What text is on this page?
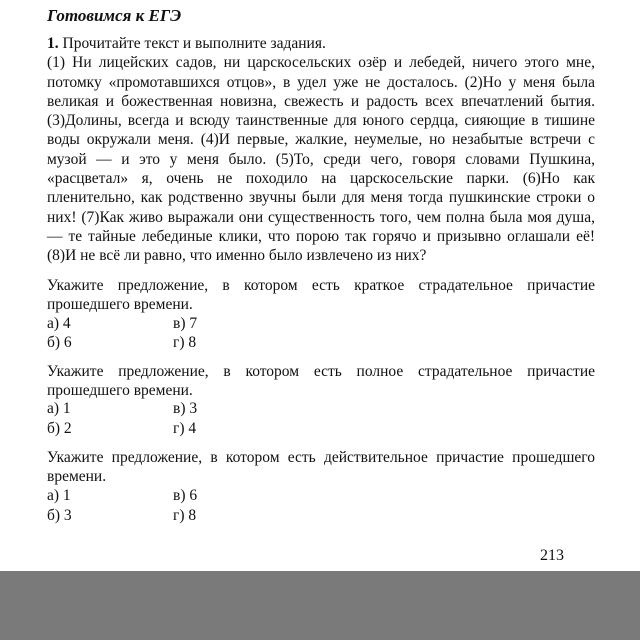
Готовимся к ЕГЭ
1. Прочитайте текст и выполните задания.
(1) Ни лицейских садов, ни царскосельских озёр и лебедей, ничего этого мне, потомку «промотавшихся отцов», в удел уже не досталось. (2)Но у меня была великая и божественная новизна, свежесть и радость всех впечатлений бытия. (3)Долины, всегда и всюду таинственные для юного сердца, сияющие в тишине воды окружали меня. (4)И первые, жалкие, неумелые, но незабытые встречи с музой — и это у меня было. (5)То, среди чего, говоря словами Пушкина, «расцветал» я, очень не походило на царскосельские парки. (6)Но как пленительно, как родственно звучны были для меня тогда пушкинские строки о них! (7)Как живо выражали они существенность того, чем полна была моя душа, — те тайные лебединые клики, что порою так горячо и призывно оглашали её! (8)И не всё ли равно, что именно было извлечено из них?
Укажите предложение, в котором есть краткое страдательное причастие прошедшего времени.
а) 4	в) 7
б) 6	г) 8
Укажите предложение, в котором есть полное страдательное причастие прошедшего времени.
а) 1	в) 3
б) 2	г) 4
Укажите предложение, в котором есть действительное причастие прошедшего времени.
а) 1	в) 6
б) 3	г) 8
213
